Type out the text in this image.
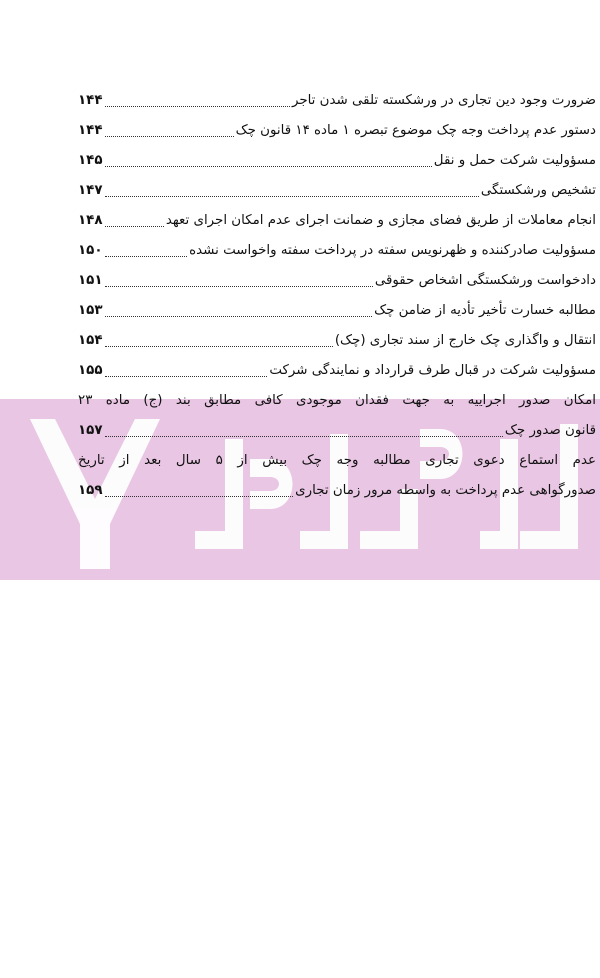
ضرورت وجود دین تجاری در ورشکسته تلقی شدن تاجر
۱۴۴
دستور عدم پرداخت وجه چک موضوع تبصره ۱ ماده ۱۴ قانون چک
۱۴۴
مسؤولیت شرکت حمل و نقل
۱۴۵
تشخیص ورشکستگی
۱۴۷
انجام معاملات از طریق فضای مجازی و ضمانت اجرای عدم امکان اجرای تعهد
۱۴۸
مسؤولیت صادرکننده و ظهرنویس سفته در پرداخت سفته واخواست نشده
۱۵۰
دادخواست ورشکستگی اشخاص حقوقی
۱۵۱
مطالبه خسارت تأخیر تأدیه از ضامن چک
۱۵۳
انتقال و واگذاری چک خارج از سند تجاری (چک)
۱۵۴
مسؤولیت شرکت در قبال طرف قرارداد و نمایندگی شرکت
۱۵۵
امکان صدور اجراییه به جهت فقدان موجودی کافی مطابق بند (ج) ماده ۲۳
قانون صدور چک
۱۵۷
عدم استماع دعوی تجاری مطالبه وجه چک بیش از ۵ سال بعد از تاریخ
صدورگواهی عدم پرداخت به واسطه مرور زمان تجاری
۱۵۹
